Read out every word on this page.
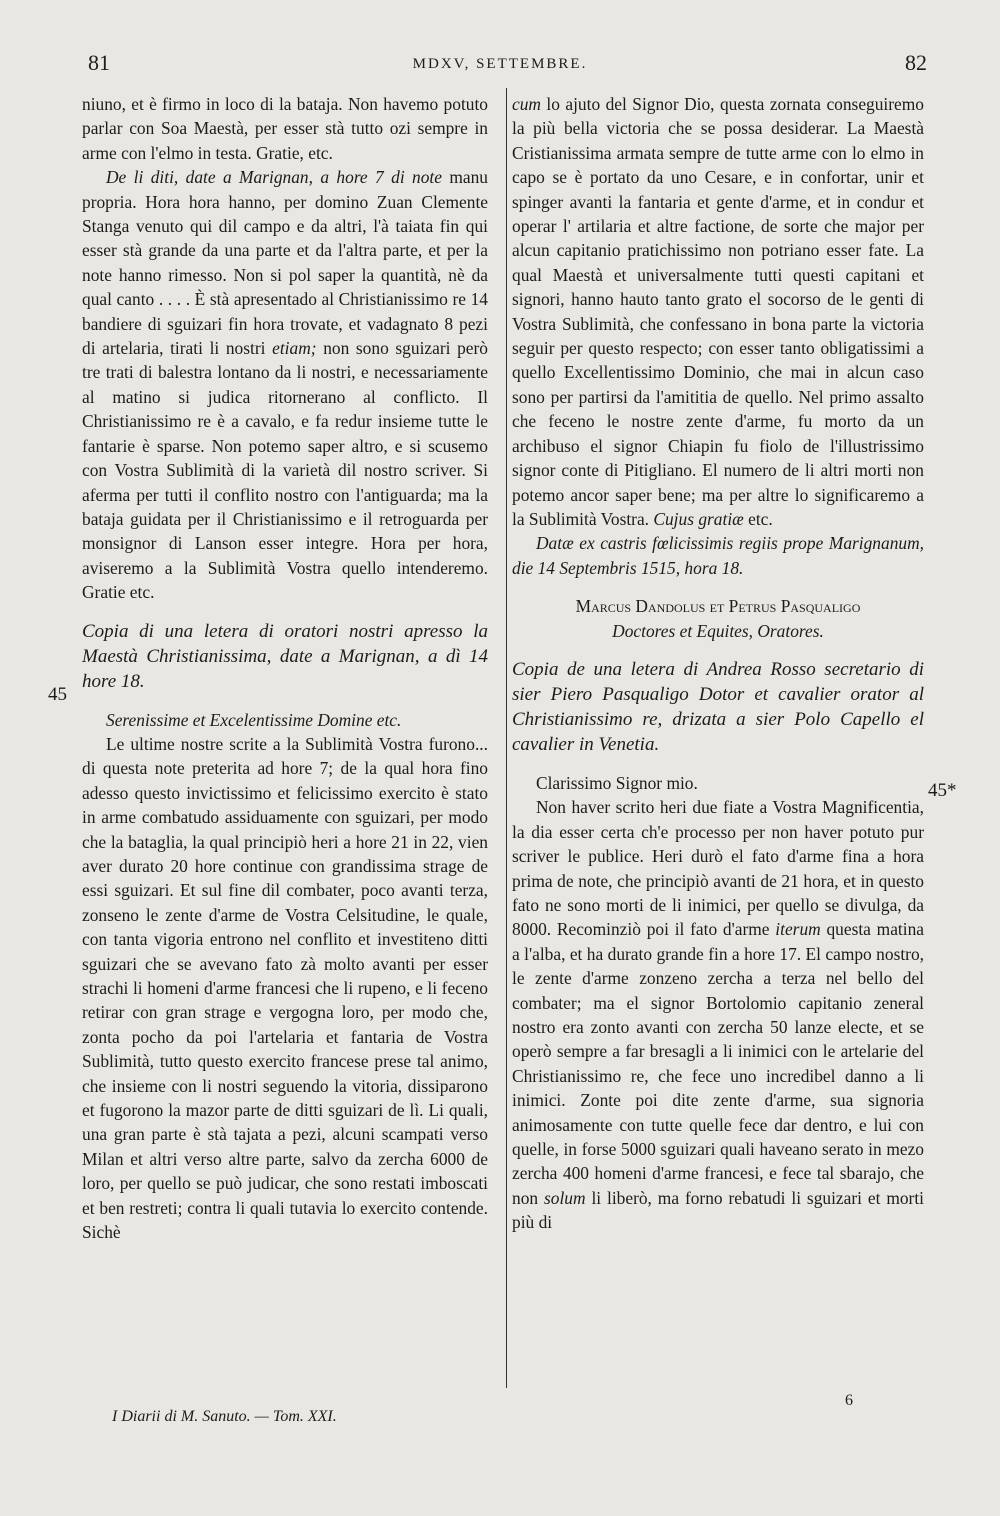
81	MDXV, SETTEMBRE.	82

niuno, et è firmo in loco di la bataja. Non havemo potuto parlar con Soa Maestà, per esser stà tutto ozi sempre in arme con l'elmo in testa. Gratie, etc.

De li diti, date a Marignan, a hore 7 di note manu propria. Hora hora hanno, per domino Zuan Clemente Stanga venuto qui dil campo e da altri, l'à taiata fin qui esser stà grande da una parte et da l'altra parte, et per la note hanno rimesso. Non si pol saper la quantità, nè da qual canto . . . . È stà apresentado al Christianissimo re 14 bandiere di sguizari fin hora trovate, et vadagnato 8 pezi di artelaria, tirati li nostri etiam; non sono sguizari però tre trati di balestra lontano da li nostri, e necessariamente al matino si judica ritornerano al conflicto. Il Christianissimo re è a cavalo, e fa redur insieme tutte le fantarie è sparse. Non potemo saper altro, e si scusemo con Vostra Sublimità di la varietà dil nostro scriver. Si aferma per tutti il conflito nostro con l'antiguarda; ma la bataja guidata per il Christianissimo e il retroguarda per monsignor di Lanson esser integre. Hora per hora, aviseremo a la Sublimità Vostra quello intenderemo. Gratie etc.

Copia di una letera di oratori nostri apresso la Maestà Christianissima, date a Marignan, a dì 14 hore 18.

Serenissime et Excelentissime Domine etc.

Le ultime nostre scrite a la Sublimità Vostra furono... di questa note preterita ad hore 7; de la qual hora fino adesso questo invictissimo et felicissimo exercito è stato in arme combatudo assiduamente con sguizari, per modo che la bataglia, la qual principiò heri a hore 21 in 22, vien aver durato 20 hore continue con grandissima strage de essi sguizari. Et sul fine dil combater, poco avanti terza, zonseno le zente d'arme de Vostra Celsitudine, le quale, con tanta vigoria entrono nel conflito et investiteno ditti sguizari che se avevano fato zà molto avanti per esser strachi li homeni d'arme francesi che li rupeno, e li feceno retirar con gran strage e vergogna loro, per modo che, zonta pocho da poi l'artelaria et fantaria de Vostra Sublimità, tutto questo exercito francese prese tal animo, che insieme con li nostri seguendo la vitoria, dissiparono et fugorono la mazor parte de ditti sguizari de lì. Li quali, una gran parte è stà tajata a pezi, alcuni scampati verso Milan et altri verso altre parte, salvo da zercha 6000 de loro, per quello se può judicar, che sono restati imboscati et ben restreti; contra li quali tutavia lo exercito contende. Sichè

45
I Diarii di M. Sanuto. — Tom. XXI.

cum lo ajuto del Signor Dio, questa zornata conseguiremo la più bella victoria che se possa desiderar. La Maestà Cristianissima armata sempre de tutte arme con lo elmo in capo se è portato da uno Cesare, e in confortar, unir et spinger avanti la fantaria et gente d'arme, et in condur et operar l' artilaria et altre factione, de sorte che major per alcun capitanio pratichissimo non potriano esser fate. La qual Maestà et universalmente tutti questi capitani et signori, hanno hauto tanto grato el socorso de le genti di Vostra Sublimità, che confessano in bona parte la victoria seguir per questo respecto; con esser tanto obligatissimi a quello Excellentissimo Dominio, che mai in alcun caso sono per partirsi da l'amititia de quello. Nel primo assalto che feceno le nostre zente d'arme, fu morto da un archibuso el signor Chiapin fu fiolo de l'illustrissimo signor conte di Pitigliano. El numero de li altri morti non potemo ancor saper bene; ma per altre lo significaremo a la Sublimità Vostra. Cujus gratiæ etc.

Datæ ex castris fœlicissimis regiis prope Marignanum, die 14 Septembris 1515, hora 18.

Marcus Dandolus et Petrus Pasqualigo

Doctores et Equites, Oratores.

Copia de una letera di Andrea Rosso secretario di sier Piero Pasqualigo Dotor et cavalier orator al Christianissimo re, drizata a sier Polo Capello el cavalier in Venetia.

Clarissimo Signor mio.

Non haver scrito heri due fiate a Vostra Magnificentia, la dia esser certa ch'e processo per non haver potuto pur scriver le publice. Heri durò el fato d'arme fina a hora prima de note, che principiò avanti de 21 hora, et in questo fato ne sono morti de li inimici, per quello se divulga, da 8000. Recominziò poi il fato d'arme iterum questa matina a l'alba, et ha durato grande fin a hore 17. El campo nostro, le zente d'arme zonzeno zercha a terza nel bello del combater; ma el signor Bortolomio capitanio zeneral nostro era zonto avanti con zercha 50 lanze electe, et se operò sempre a far bresagli a li inimici con le artelarie del Christianissimo re, che fece uno incredibel danno a li inimici. Zonte poi dite zente d'arme, sua signoria animosamente con tutte quelle fece dar dentro, e lui con quelle, in forse 5000 sguizari quali haveano serato in mezo zercha 400 homeni d'arme francesi, e fece tal sbarajo, che non solum li liberò, ma forno rebatudi li sguizari et morti più di

45*
6
